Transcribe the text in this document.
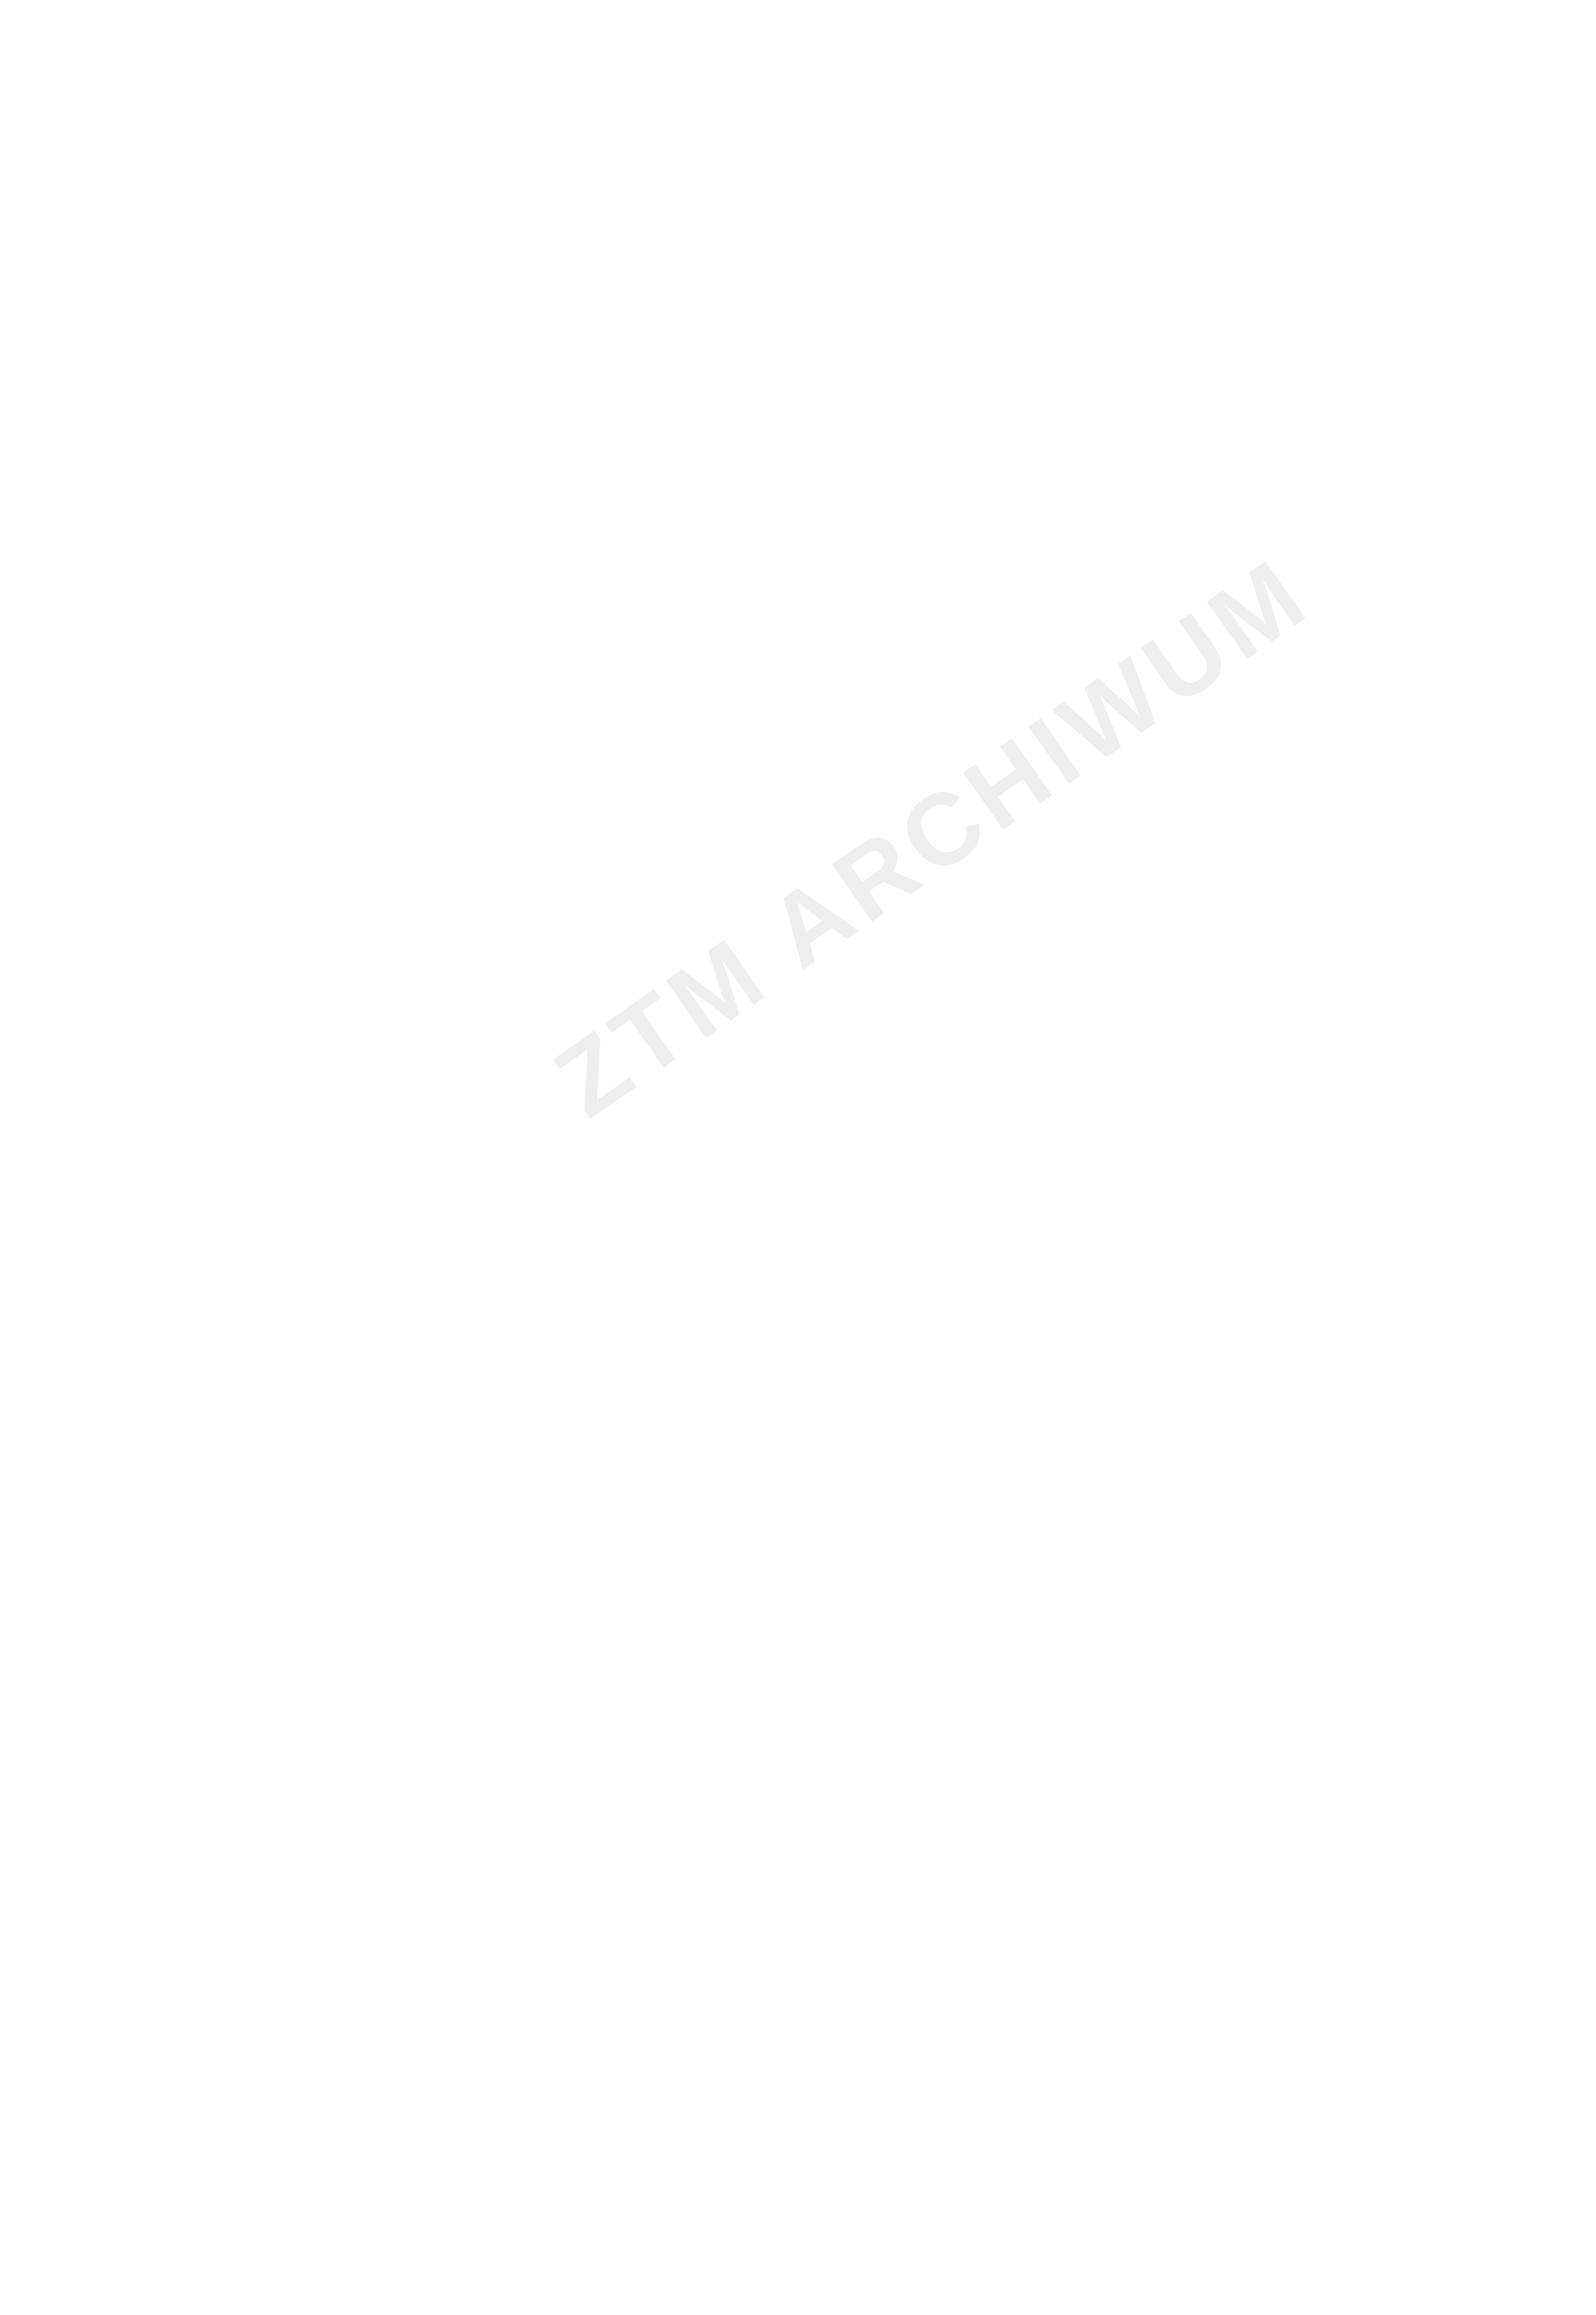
ZTM ARCHIWUM
